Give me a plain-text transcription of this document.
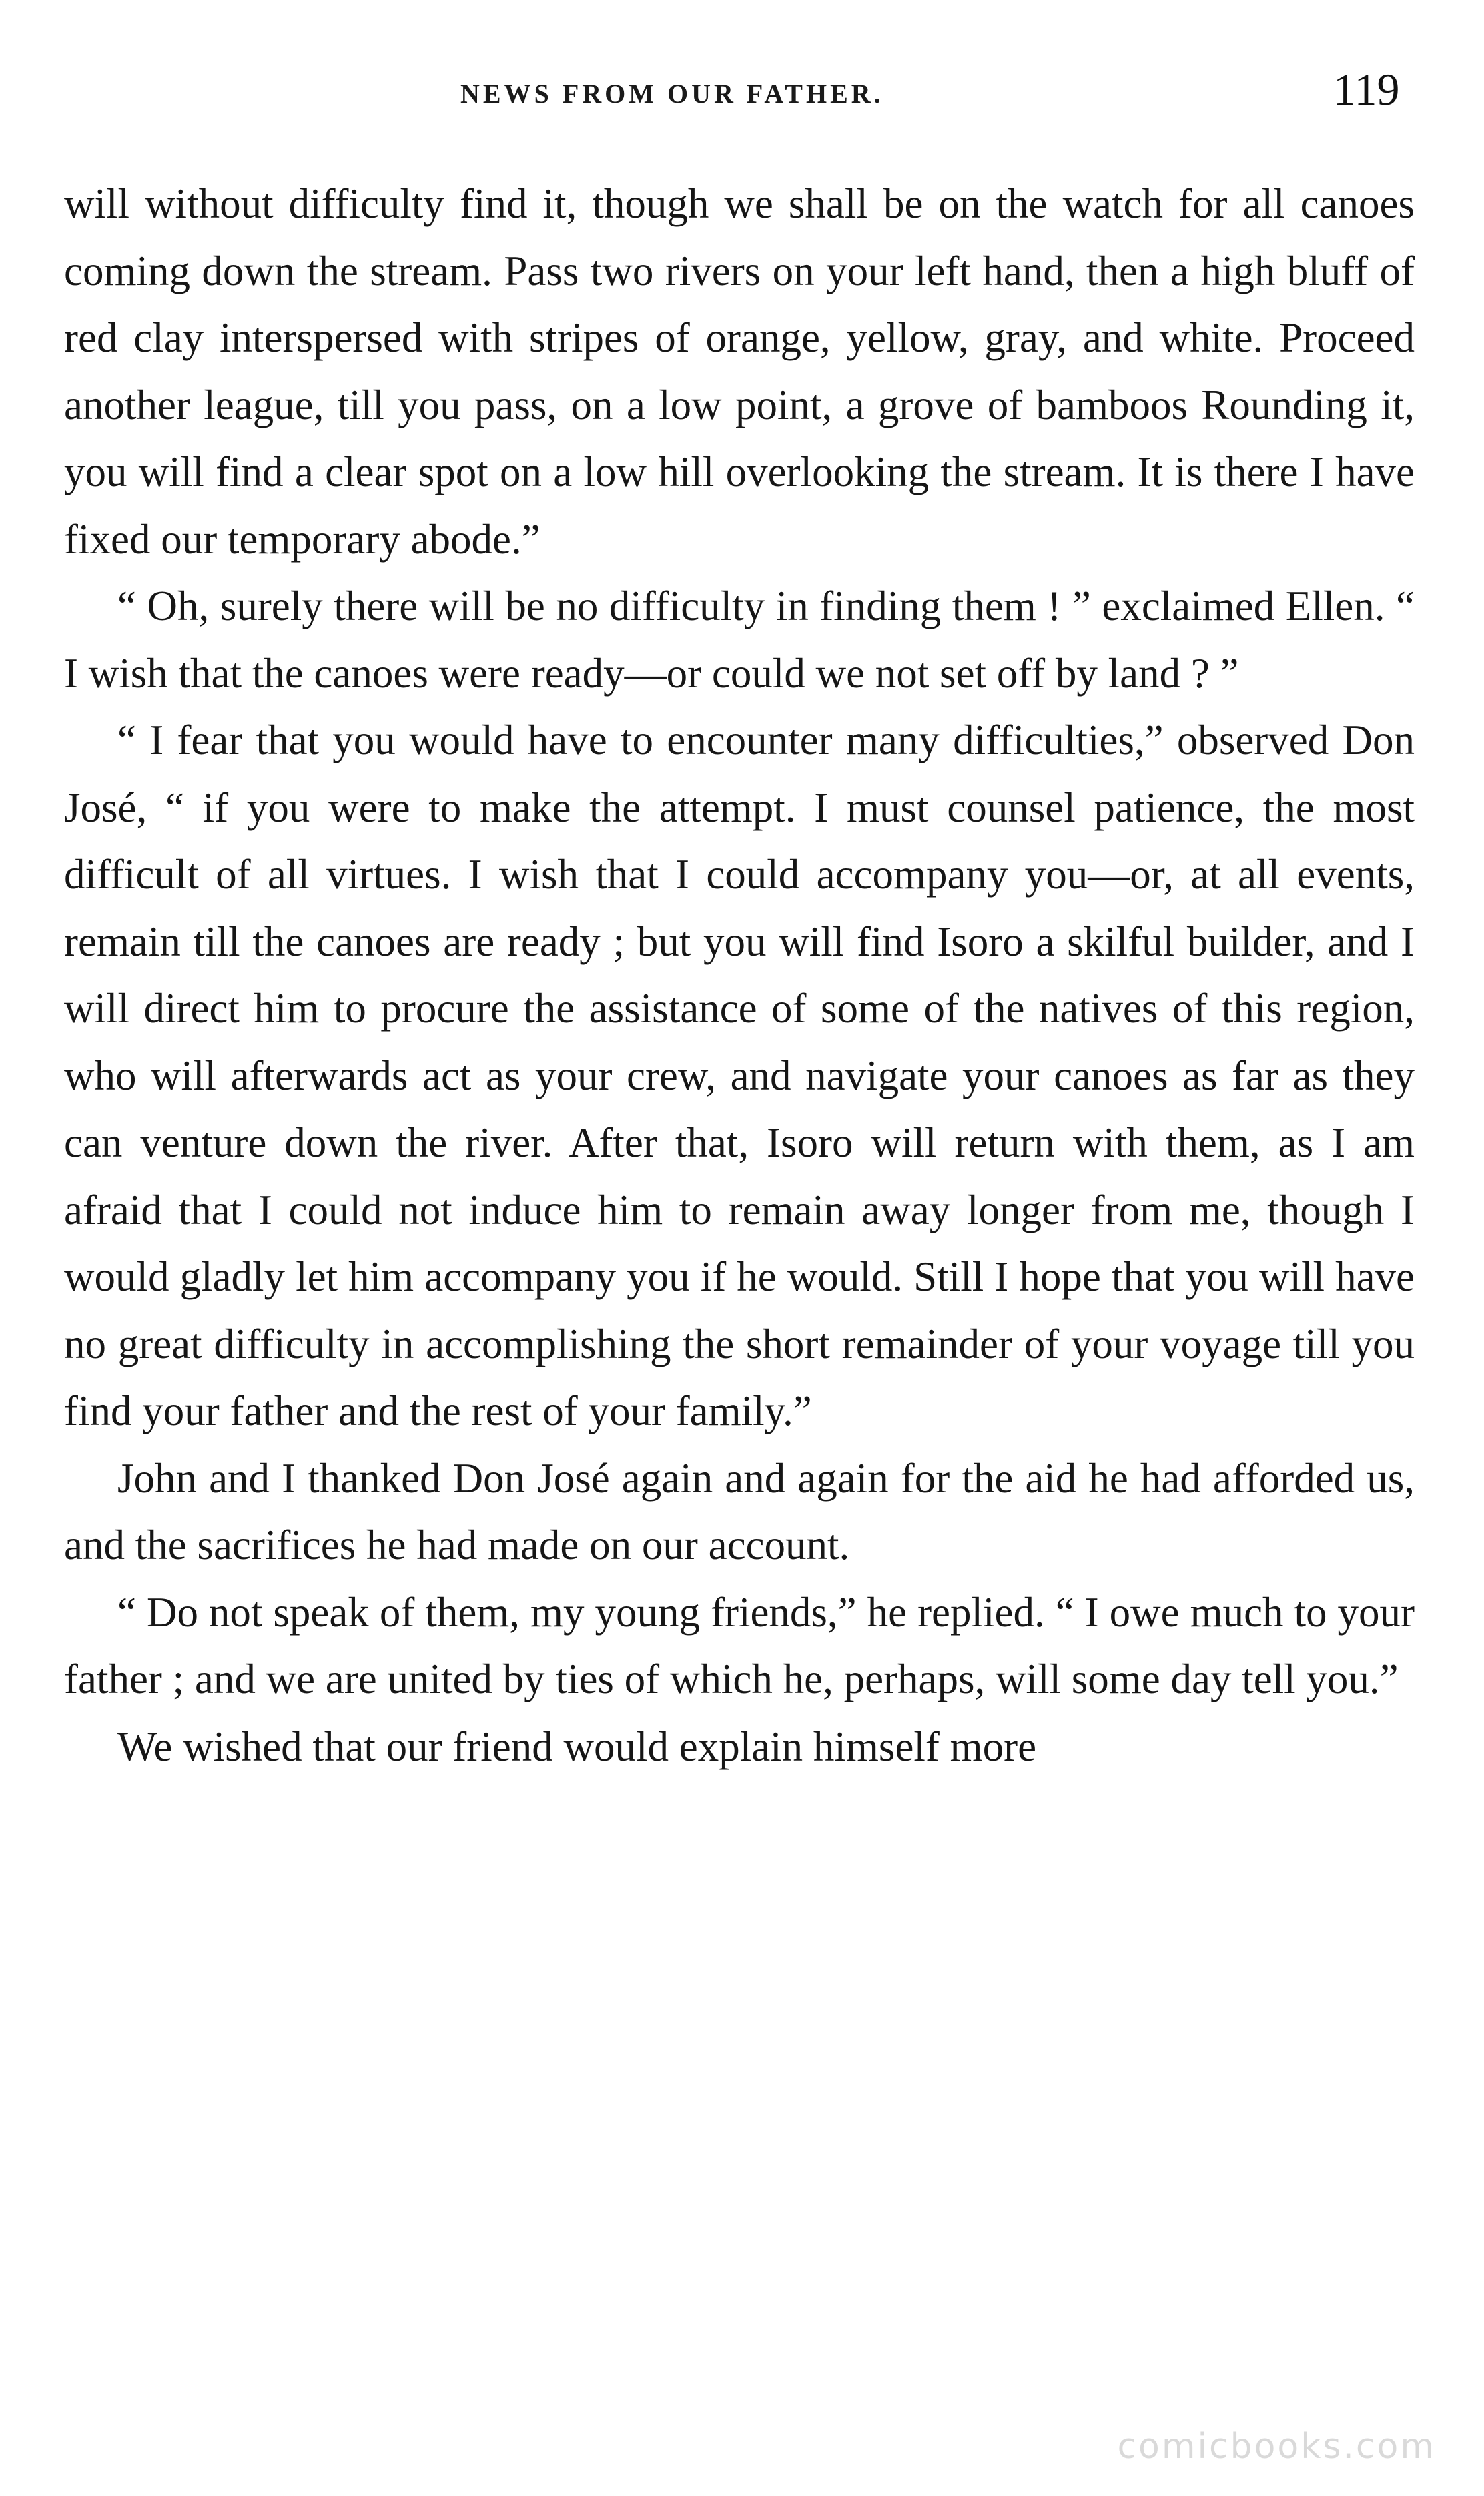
NEWS FROM OUR FATHER.	119

will without difficulty find it, though we shall be on the watch for all canoes coming down the stream. Pass two rivers on your left hand, then a high bluff of red clay interspersed with stripes of orange, yellow, gray, and white. Proceed another league, till you pass, on a low point, a grove of bamboos Rounding it, you will find a clear spot on a low hill overlooking the stream. It is there I have fixed our temporary abode.”

“ Oh, surely there will be no difficulty in finding them ! ” exclaimed Ellen. “ I wish that the canoes were ready—or could we not set off by land ? ”

“ I fear that you would have to encounter many difficulties,” observed Don José, “ if you were to make the attempt. I must counsel patience, the most difficult of all virtues. I wish that I could accompany you—or, at all events, remain till the canoes are ready ; but you will find Isoro a skilful builder, and I will direct him to procure the assistance of some of the natives of this region, who will afterwards act as your crew, and navigate your canoes as far as they can venture down the river. After that, Isoro will return with them, as I am afraid that I could not induce him to remain away longer from me, though I would gladly let him accompany you if he would. Still I hope that you will have no great difficulty in accomplishing the short remainder of your voyage till you find your father and the rest of your family.”

John and I thanked Don José again and again for the aid he had afforded us, and the sacrifices he had made on our account.

“ Do not speak of them, my young friends,” he replied. “ I owe much to your father ; and we are united by ties of which he, perhaps, will some day tell you.”

We wished that our friend would explain himself more

comicbooks.com
